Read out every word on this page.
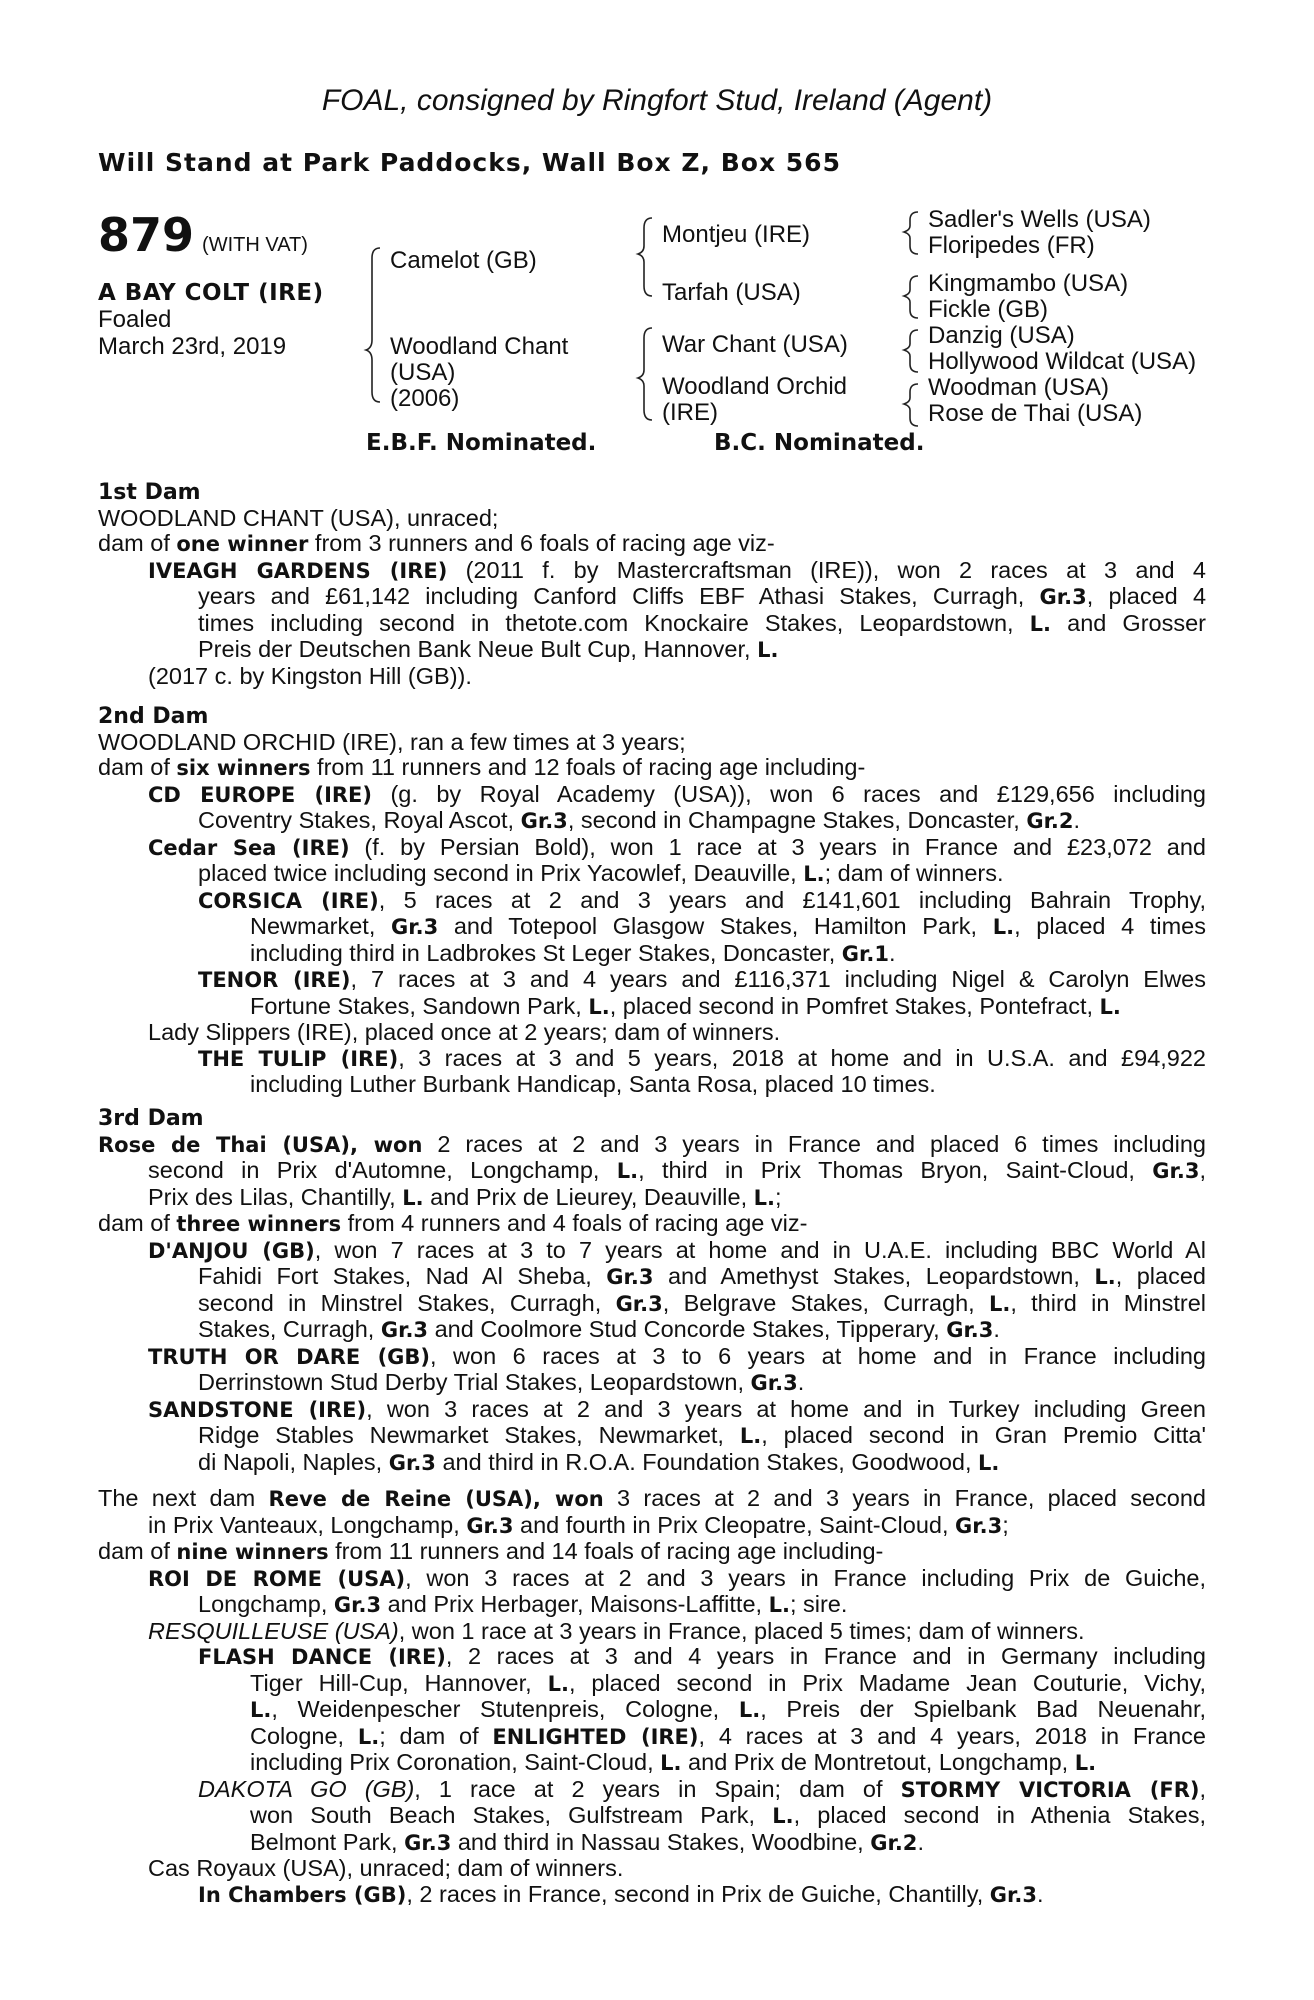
FOAL, consigned by Ringfort Stud, Ireland (Agent)
Will Stand at Park Paddocks, Wall Box Z, Box 565
879 (WITH VAT)
A BAY COLT (IRE)
Foaled
March 23rd, 2019
Camelot (GB)
Woodland Chant
(USA)
(2006)
Montjeu (IRE)
Tarfah (USA)
War Chant (USA)
Woodland Orchid
(IRE)
Sadler's Wells (USA)
Floripedes (FR)
Kingmambo (USA)
Fickle (GB)
Danzig (USA)
Hollywood Wildcat (USA)
Woodman (USA)
Rose de Thai (USA)
E.B.F. Nominated.	B.C. Nominated.
1st Dam
WOODLAND CHANT (USA), unraced;
dam of one winner from 3 runners and 6 foals of racing age viz-
IVEAGH GARDENS (IRE) (2011 f. by Mastercraftsman (IRE)), won 2 races at 3 and 4
years and £61,142 including Canford Cliffs EBF Athasi Stakes, Curragh, Gr.3, placed 4
times including second in thetote.com Knockaire Stakes, Leopardstown, L. and Grosser
Preis der Deutschen Bank Neue Bult Cup, Hannover, L.
(2017 c. by Kingston Hill (GB)).
2nd Dam
WOODLAND ORCHID (IRE), ran a few times at 3 years;
dam of six winners from 11 runners and 12 foals of racing age including-
CD EUROPE (IRE) (g. by Royal Academy (USA)), won 6 races and £129,656 including
Coventry Stakes, Royal Ascot, Gr.3, second in Champagne Stakes, Doncaster, Gr.2.
Cedar Sea (IRE) (f. by Persian Bold), won 1 race at 3 years in France and £23,072 and
placed twice including second in Prix Yacowlef, Deauville, L.; dam of winners.
CORSICA (IRE), 5 races at 2 and 3 years and £141,601 including Bahrain Trophy,
Newmarket, Gr.3 and Totepool Glasgow Stakes, Hamilton Park, L., placed 4 times
including third in Ladbrokes St Leger Stakes, Doncaster, Gr.1.
TENOR (IRE), 7 races at 3 and 4 years and £116,371 including Nigel & Carolyn Elwes
Fortune Stakes, Sandown Park, L., placed second in Pomfret Stakes, Pontefract, L.
Lady Slippers (IRE), placed once at 2 years; dam of winners.
THE TULIP (IRE), 3 races at 3 and 5 years, 2018 at home and in U.S.A. and £94,922
including Luther Burbank Handicap, Santa Rosa, placed 10 times.
3rd Dam
Rose de Thai (USA), won 2 races at 2 and 3 years in France and placed 6 times including
second in Prix d'Automne, Longchamp, L., third in Prix Thomas Bryon, Saint-Cloud, Gr.3,
Prix des Lilas, Chantilly, L. and Prix de Lieurey, Deauville, L.;
dam of three winners from 4 runners and 4 foals of racing age viz-
D'ANJOU (GB), won 7 races at 3 to 7 years at home and in U.A.E. including BBC World Al
Fahidi Fort Stakes, Nad Al Sheba, Gr.3 and Amethyst Stakes, Leopardstown, L., placed
second in Minstrel Stakes, Curragh, Gr.3, Belgrave Stakes, Curragh, L., third in Minstrel
Stakes, Curragh, Gr.3 and Coolmore Stud Concorde Stakes, Tipperary, Gr.3.
TRUTH OR DARE (GB), won 6 races at 3 to 6 years at home and in France including
Derrinstown Stud Derby Trial Stakes, Leopardstown, Gr.3.
SANDSTONE (IRE), won 3 races at 2 and 3 years at home and in Turkey including Green
Ridge Stables Newmarket Stakes, Newmarket, L., placed second in Gran Premio Citta'
di Napoli, Naples, Gr.3 and third in R.O.A. Foundation Stakes, Goodwood, L.
The next dam Reve de Reine (USA), won 3 races at 2 and 3 years in France, placed second
in Prix Vanteaux, Longchamp, Gr.3 and fourth in Prix Cleopatre, Saint-Cloud, Gr.3;
dam of nine winners from 11 runners and 14 foals of racing age including-
ROI DE ROME (USA), won 3 races at 2 and 3 years in France including Prix de Guiche,
Longchamp, Gr.3 and Prix Herbager, Maisons-Laffitte, L.; sire.
RESQUILLEUSE (USA), won 1 race at 3 years in France, placed 5 times; dam of winners.
FLASH DANCE (IRE), 2 races at 3 and 4 years in France and in Germany including
Tiger Hill-Cup, Hannover, L., placed second in Prix Madame Jean Couturie, Vichy,
L., Weidenpescher Stutenpreis, Cologne, L., Preis der Spielbank Bad Neuenahr,
Cologne, L.; dam of ENLIGHTED (IRE), 4 races at 3 and 4 years, 2018 in France
including Prix Coronation, Saint-Cloud, L. and Prix de Montretout, Longchamp, L.
DAKOTA GO (GB), 1 race at 2 years in Spain; dam of STORMY VICTORIA (FR),
won South Beach Stakes, Gulfstream Park, L., placed second in Athenia Stakes,
Belmont Park, Gr.3 and third in Nassau Stakes, Woodbine, Gr.2.
Cas Royaux (USA), unraced; dam of winners.
In Chambers (GB), 2 races in France, second in Prix de Guiche, Chantilly, Gr.3.
